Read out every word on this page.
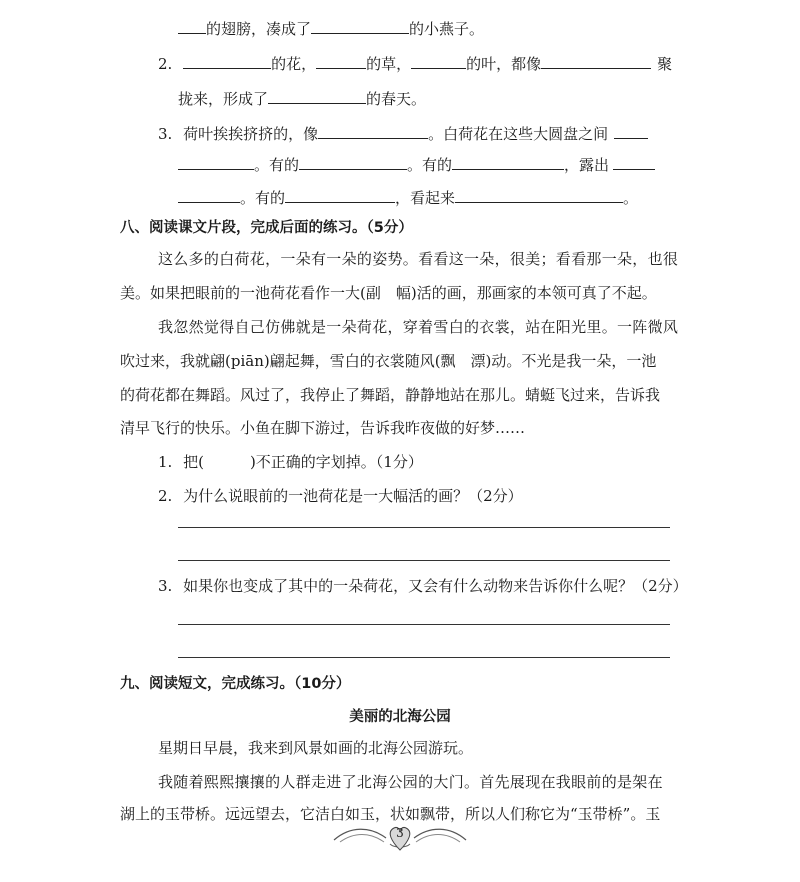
的翅膀，凑成了	的小燕子。
2.	的花，	的草，	的叶，都像	聚
拢来，形成了	的春天。
3. 荷叶挨挨挤挤的，像	。白荷花在这些大圆盘之间
。有的	。有的	，露出
。有的	，看起来	。
八、阅读课文片段，完成后面的练习。（5分）
这么多的白荷花，一朵有一朵的姿势。看看这一朵，很美；看看那一朵，也很
美。如果把眼前的一池荷花看作一大(副　幅)活的画，那画家的本领可真了不起。
我忽然觉得自己仿佛就是一朵荷花，穿着雪白的衣裳，站在阳光里。一阵微风
吹过来，我就翩(piān)翩起舞，雪白的衣裳随风(飘　漂)动。不光是我一朵，一池
的荷花都在舞蹈。风过了，我停止了舞蹈，静静地站在那儿。蜻蜓飞过来，告诉我
清早飞行的快乐。小鱼在脚下游过，告诉我昨夜做的好梦……
1. 把(	)不正确的字划掉。（1分）
2. 为什么说眼前的一池荷花是一大幅活的画？（2分）
3. 如果你也变成了其中的一朵荷花，又会有什么动物来告诉你什么呢？（2分）
九、阅读短文，完成练习。（10分）
美丽的北海公园
星期日早晨，我来到风景如画的北海公园游玩。
我随着熙熙攘攘的人群走进了北海公园的大门。首先展现在我眼前的是架在
湖上的玉带桥。远远望去，它洁白如玉，状如飘带，所以人们称它为“玉带桥”。玉
3
